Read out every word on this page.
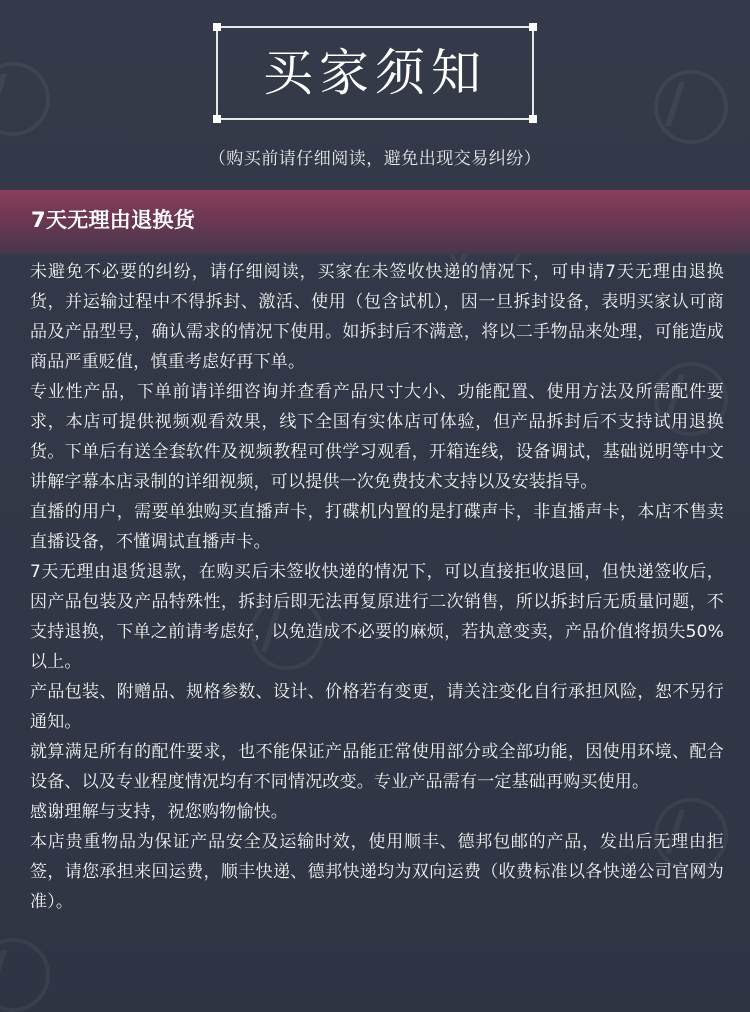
买家须知
（购买前请仔细阅读，避免出现交易纠纷）
7天无理由退换货

未避免不必要的纠纷，请仔细阅读，买家在未签收快递的情况下，可申请7天无理由退换货，并运输过程中不得拆封、激活、使用（包含试机），因一旦拆封设备，表明买家认可商品及产品型号，确认需求的情况下使用。如拆封后不满意，将以二手物品来处理，可能造成商品严重贬值，慎重考虑好再下单。

专业性产品，下单前请详细咨询并查看产品尺寸大小、功能配置、使用方法及所需配件要求，本店可提供视频观看效果，线下全国有实体店可体验，但产品拆封后不支持试用退换货。下单后有送全套软件及视频教程可供学习观看，开箱连线，设备调试，基础说明等中文讲解字幕本店录制的详细视频，可以提供一次免费技术支持以及安装指导。

直播的用户，需要单独购买直播声卡，打碟机内置的是打碟声卡，非直播声卡，本店不售卖直播设备，不懂调试直播声卡。

7天无理由退货退款，在购买后未签收快递的情况下，可以直接拒收退回，但快递签收后，因产品包装及产品特殊性，拆封后即无法再复原进行二次销售，所以拆封后无质量问题，不支持退换，下单之前请考虑好，以免造成不必要的麻烦，若执意变卖，产品价值将损失50%以上。

产品包装、附赠品、规格参数、设计、价格若有变更，请关注变化自行承担风险，恕不另行通知。

就算满足所有的配件要求，也不能保证产品能正常使用部分或全部功能，因使用环境、配合设备、以及专业程度情况均有不同情况改变。专业产品需有一定基础再购买使用。

感谢理解与支持，祝您购物愉快。

本店贵重物品为保证产品安全及运输时效，使用顺丰、德邦包邮的产品，发出后无理由拒签，请您承担来回运费，顺丰快递、德邦快递均为双向运费（收费标准以各快递公司官网为准）。
